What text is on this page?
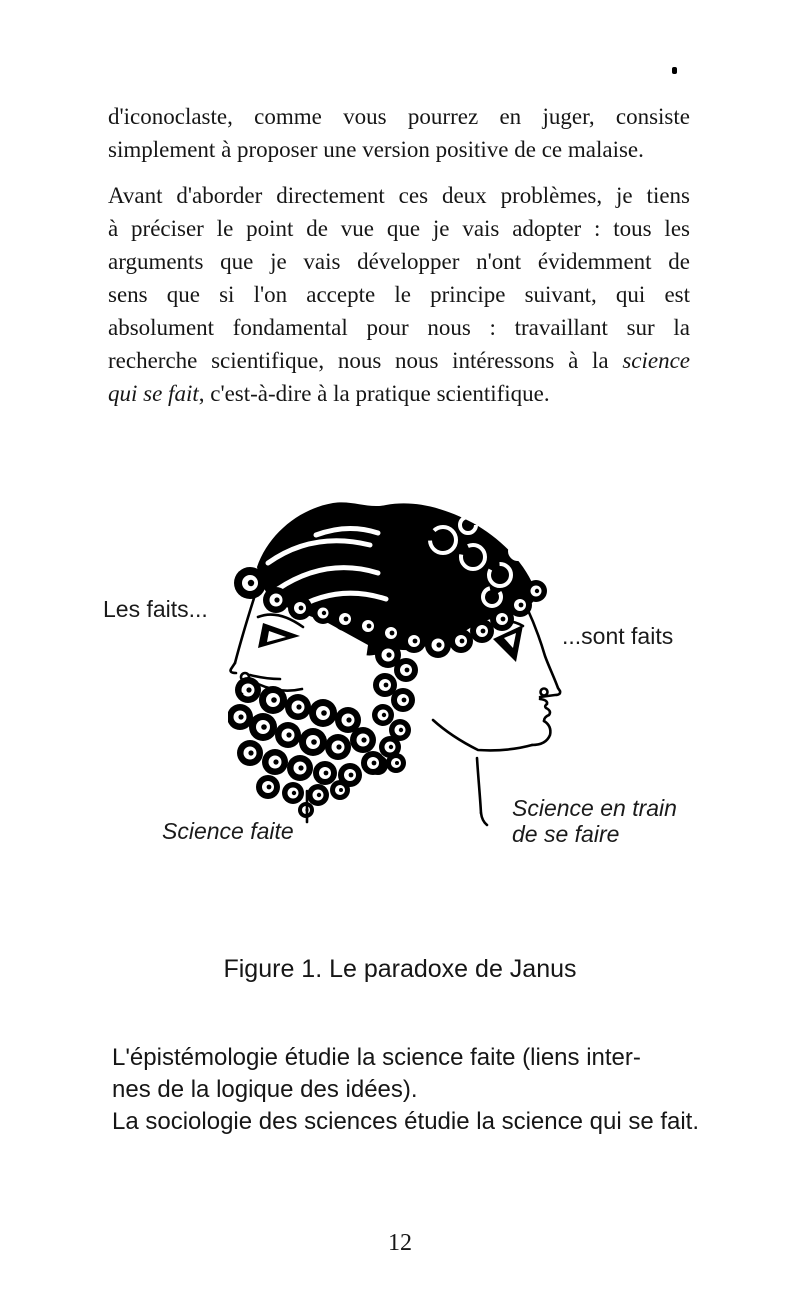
d'iconoclaste, comme vous pourrez en juger, consiste
simplement à proposer une version positive de ce malaise.
Avant d'aborder directement ces deux problèmes, je tiens
à préciser le point de vue que je vais adopter : tous les
arguments que je vais développer n'ont évidemment de
sens que si l'on accepte le principe suivant, qui est
absolument fondamental pour nous : travaillant sur la
recherche scientifique, nous nous intéressons à la science
qui se fait, c'est-à-dire à la pratique scientifique.
Les faits...
...sont faits
Science faite
Science en train
de se faire
Figure 1. Le paradoxe de Janus
L'épistémologie étudie la science faite (liens inter-
nes de la logique des idées).
La sociologie des sciences étudie la science qui se fait.
12
